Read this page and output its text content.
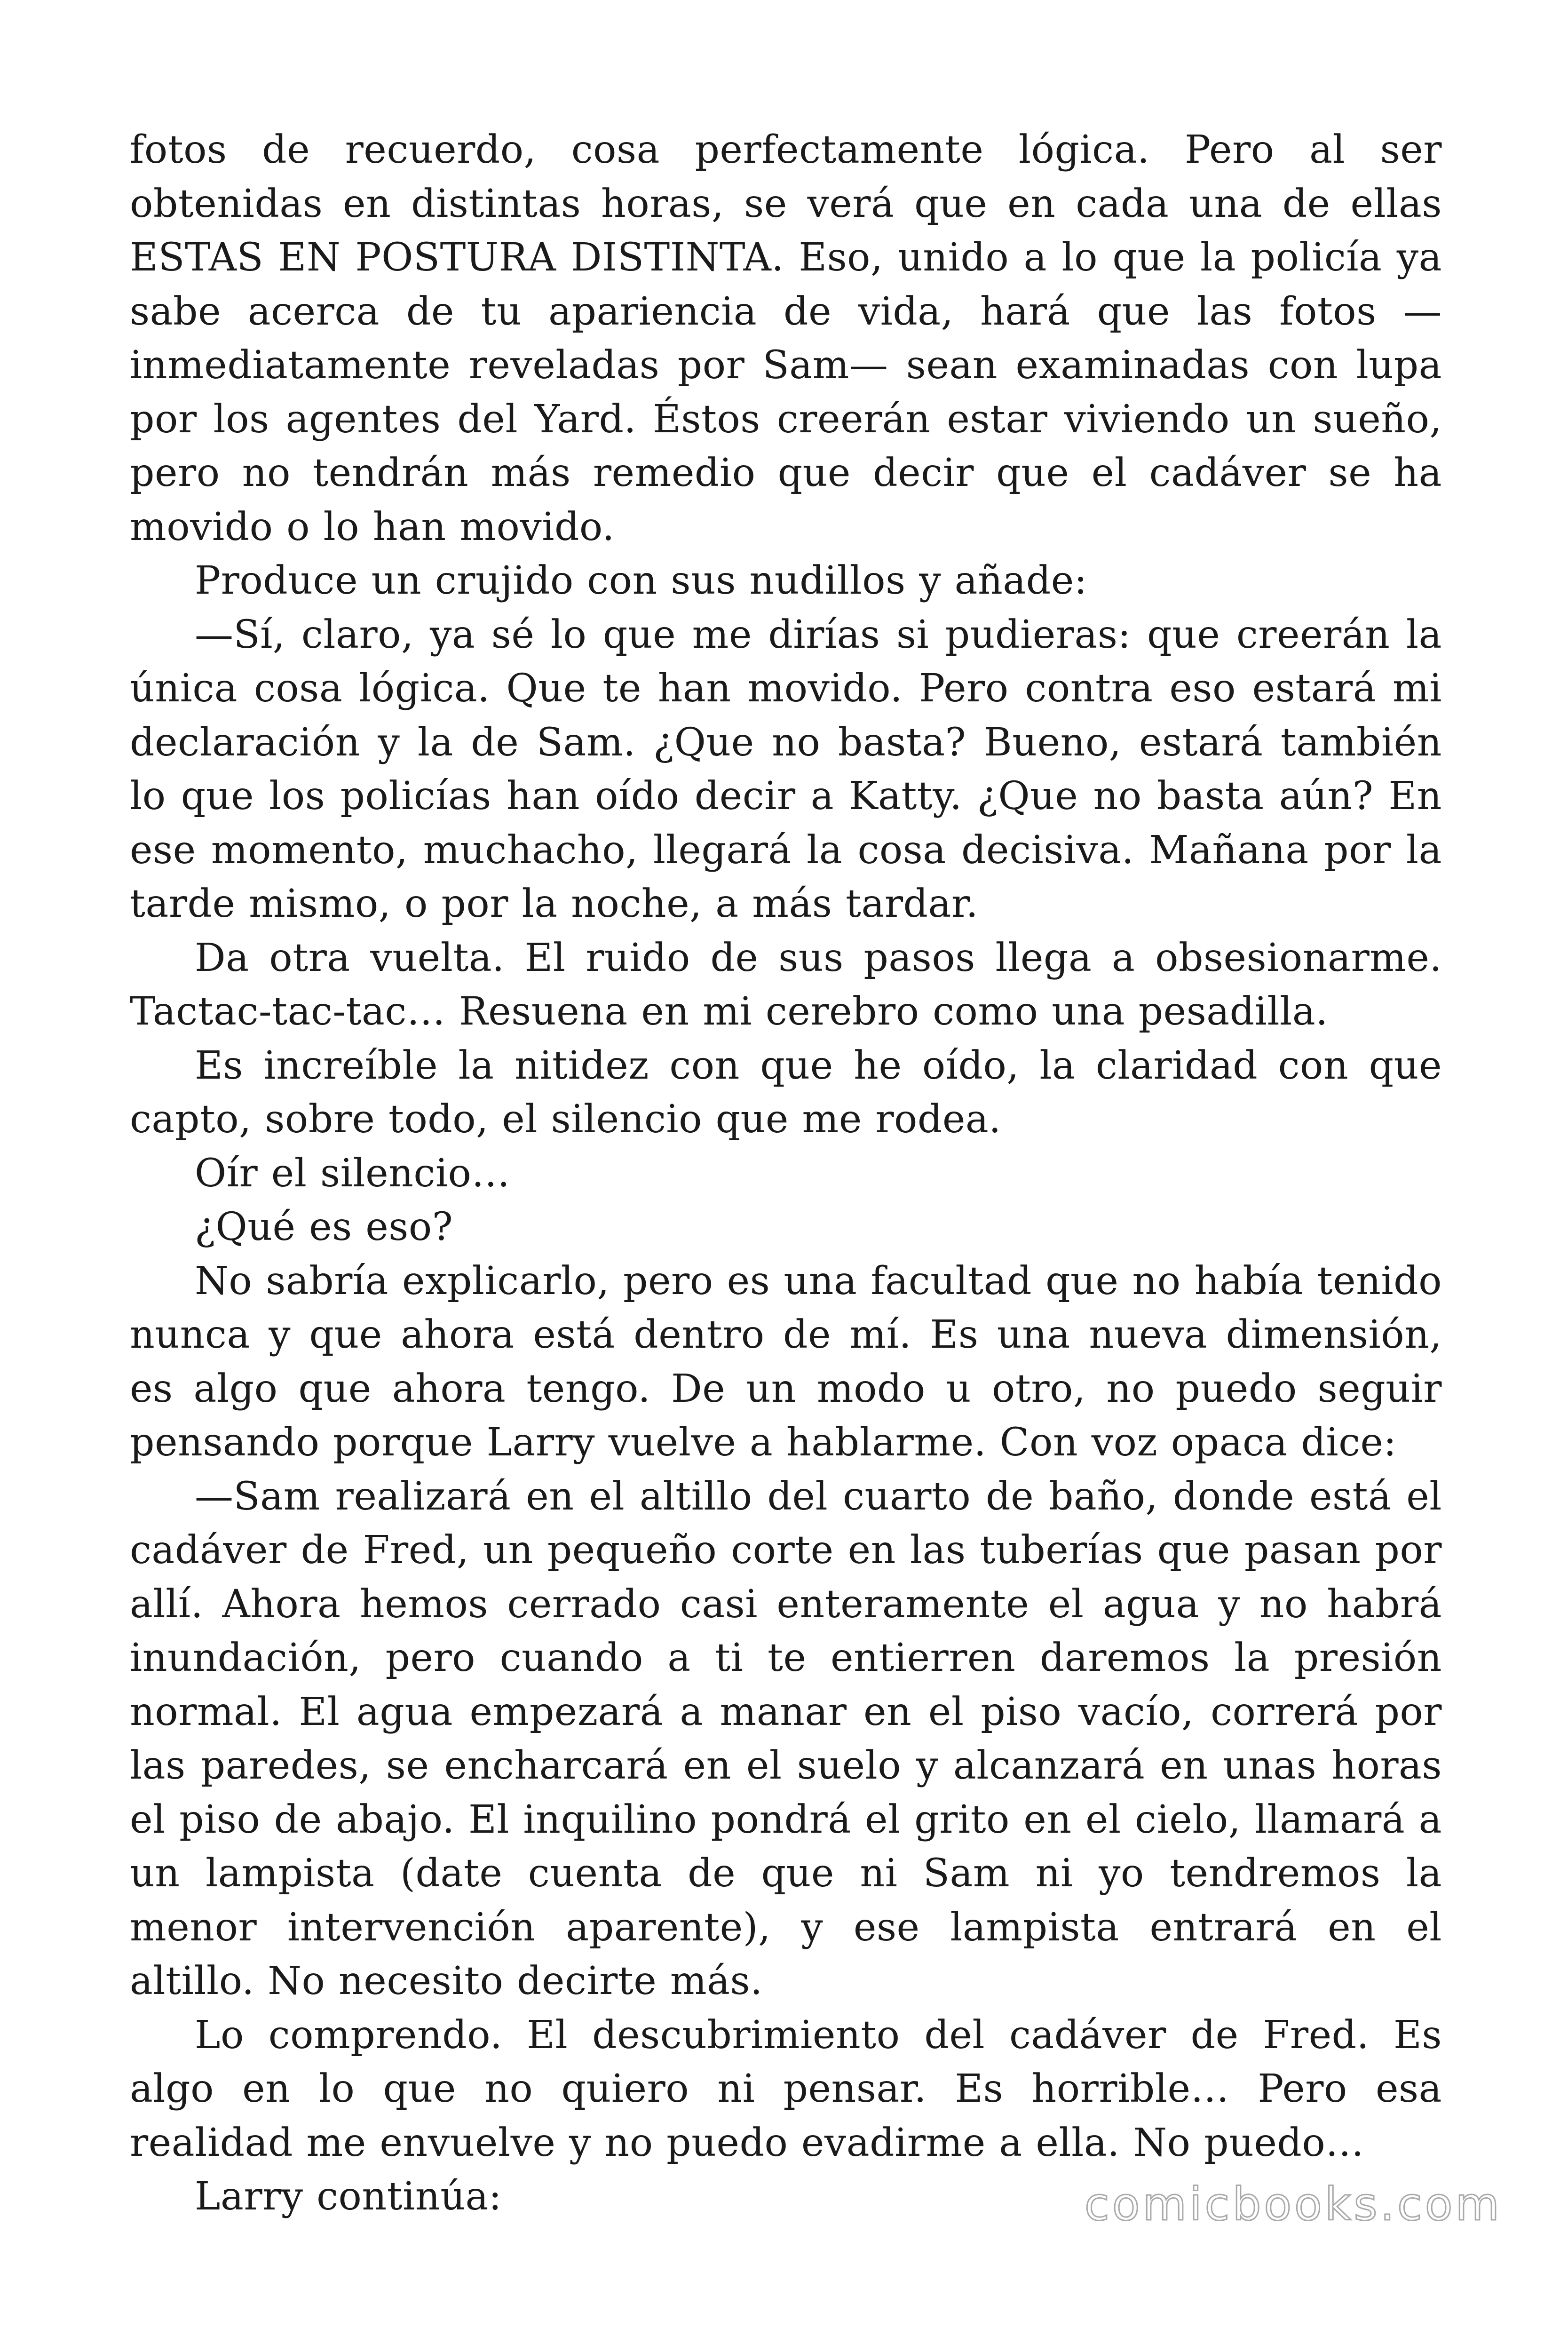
fotos de recuerdo, cosa perfectamente lógica. Pero al ser obtenidas en distintas horas, se verá que en cada una de ellas ESTAS EN POSTURA DISTINTA. Eso, unido a lo que la policía ya sabe acerca de tu apariencia de vida, hará que las fotos —inmediatamente reveladas por Sam— sean examinadas con lupa por los agentes del Yard. Éstos creerán estar viviendo un sueño, pero no tendrán más remedio que decir que el cadáver se ha movido o lo han movido.

Produce un crujido con sus nudillos y añade:

—Sí, claro, ya sé lo que me dirías si pudieras: que creerán la única cosa lógica. Que te han movido. Pero contra eso estará mi declaración y la de Sam. ¿Que no basta? Bueno, estará también lo que los policías han oído decir a Katty. ¿Que no basta aún? En ese momento, muchacho, llegará la cosa decisiva. Mañana por la tarde mismo, o por la noche, a más tardar.

Da otra vuelta. El ruido de sus pasos llega a obsesionarme. Tactac-tac-tac… Resuena en mi cerebro como una pesadilla.

Es increíble la nitidez con que he oído, la claridad con que capto, sobre todo, el silencio que me rodea.

Oír el silencio…

¿Qué es eso?

No sabría explicarlo, pero es una facultad que no había tenido nunca y que ahora está dentro de mí. Es una nueva dimensión, es algo que ahora tengo. De un modo u otro, no puedo seguir pensando porque Larry vuelve a hablarme. Con voz opaca dice:

—Sam realizará en el altillo del cuarto de baño, donde está el cadáver de Fred, un pequeño corte en las tuberías que pasan por allí. Ahora hemos cerrado casi enteramente el agua y no habrá inundación, pero cuando a ti te entierren daremos la presión normal. El agua empezará a manar en el piso vacío, correrá por las paredes, se encharcará en el suelo y alcanzará en unas horas el piso de abajo. El inquilino pondrá el grito en el cielo, llamará a un lampista (date cuenta de que ni Sam ni yo tendremos la menor intervención aparente), y ese lampista entrará en el altillo. No necesito decirte más.

Lo comprendo. El descubrimiento del cadáver de Fred. Es algo en lo que no quiero ni pensar. Es horrible… Pero esa realidad me envuelve y no puedo evadirme a ella. No puedo…

Larry continúa:	comicbooks.com
